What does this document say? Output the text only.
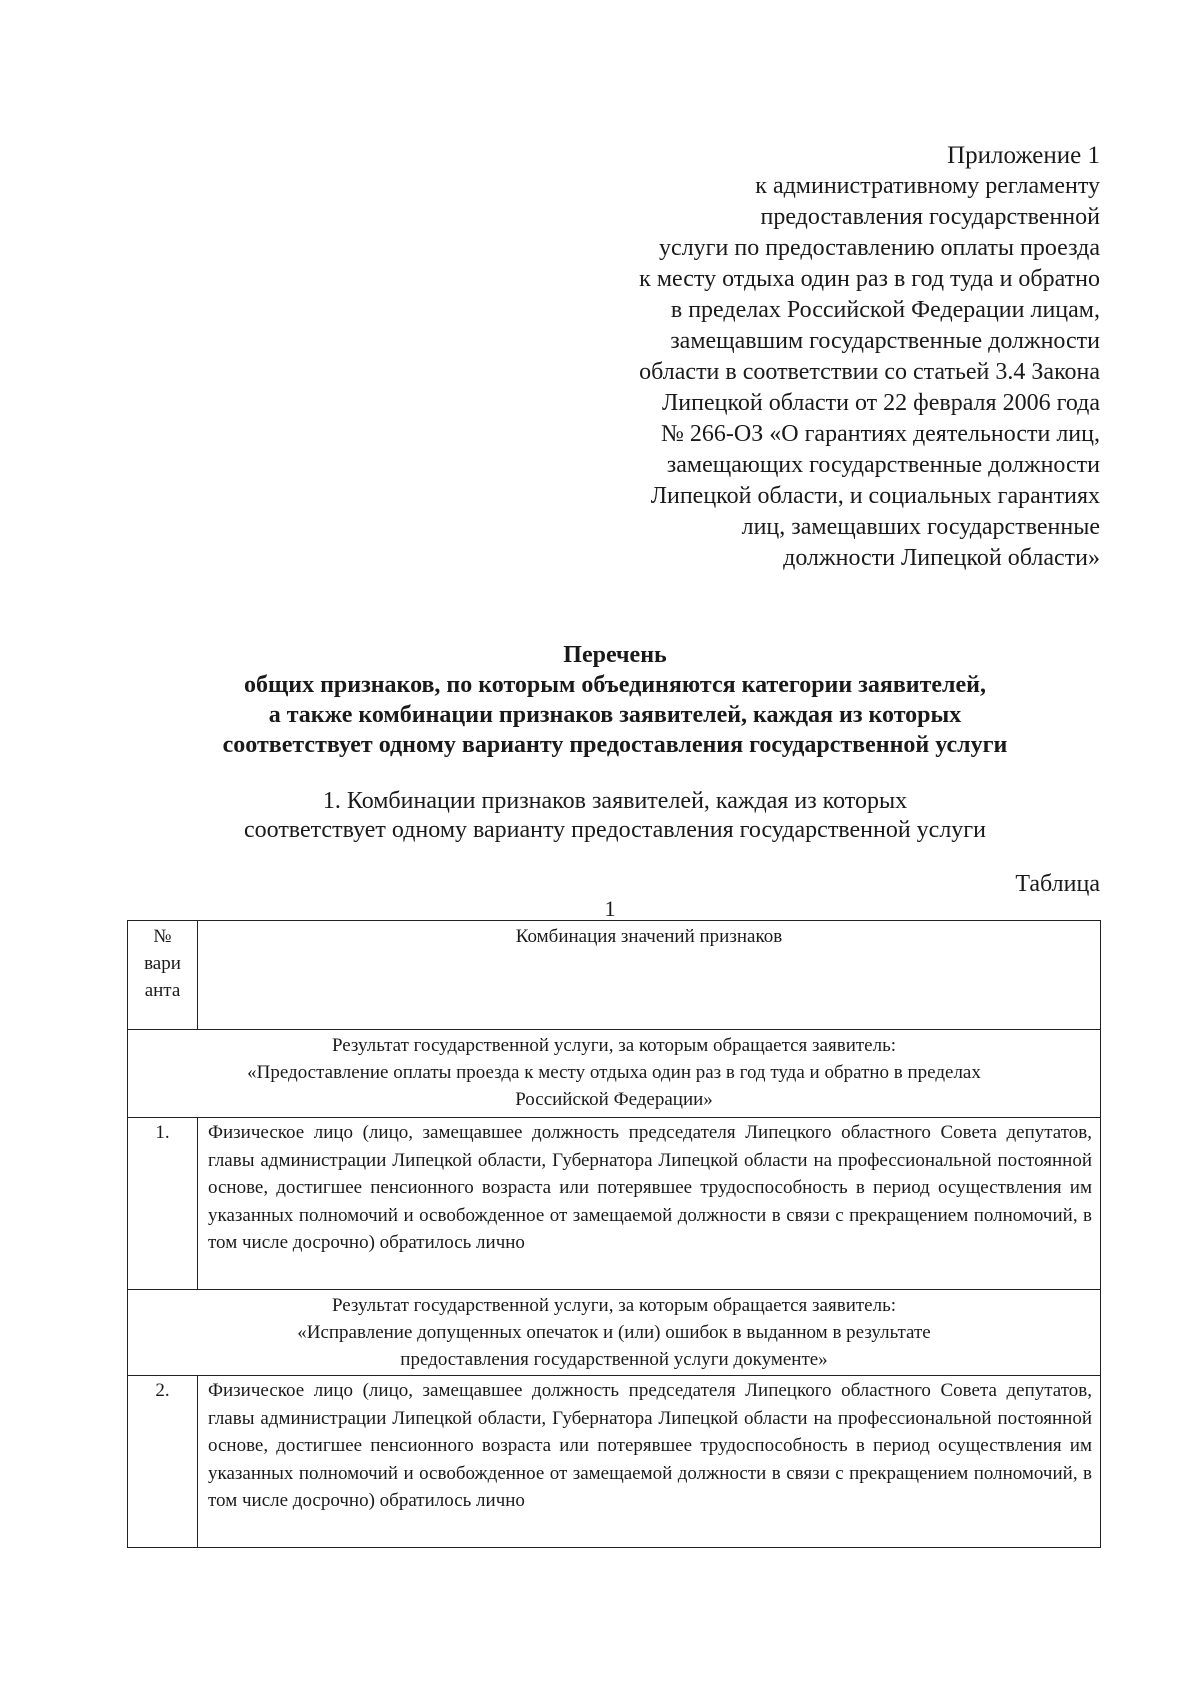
Приложение 1
к административному регламенту
предоставления государственной
услуги по предоставлению оплаты проезда
к месту отдыха один раз в год туда и обратно
в пределах Российской Федерации лицам,
замещавшим государственные должности
области в соответствии со статьей 3.4 Закона
Липецкой области от 22 февраля 2006 года
№ 266-ОЗ «О гарантиях деятельности лиц,
замещающих государственные должности
Липецкой области, и социальных гарантиях
лиц, замещавших государственные
должности Липецкой области»
Перечень
общих признаков, по которым объединяются категории заявителей,
а также комбинации признаков заявителей, каждая из которых
соответствует одному варианту предоставления государственной услуги
1. Комбинации признаков заявителей, каждая из которых
соответствует одному варианту предоставления государственной услуги
Таблица
1
№
вари
анта	Комбинация значений признаков

Результат государственной услуги, за которым обращается заявитель:
«Предоставление оплаты проезда к месту отдыха один раз в год туда и обратно в пределах
Российской Федерации»	

1.	Физическое лицо (лицо, замещавшее должность председателя Липецкого областного Совета депутатов, главы администрации Липецкой области, Губернатора Липецкой области на профессиональной постоянной основе, достигшее пенсионного возраста или потерявшее трудоспособность в период осуществления им указанных полномочий и освобожденное от замещаемой должности в связи с прекращением полномочий, в том числе досрочно) обратилось лично

Результат государственной услуги, за которым обращается заявитель:
«Исправление допущенных опечаток и (или) ошибок в выданном в результате
предоставления государственной услуги документе»	

2.	Физическое лицо (лицо, замещавшее должность председателя Липецкого областного Совета депутатов, главы администрации Липецкой области, Губернатора Липецкой области на профессиональной постоянной основе, достигшее пенсионного возраста или потерявшее трудоспособность в период осуществления им указанных полномочий и освобожденное от замещаемой должности в связи с прекращением полномочий, в том числе досрочно) обратилось лично
